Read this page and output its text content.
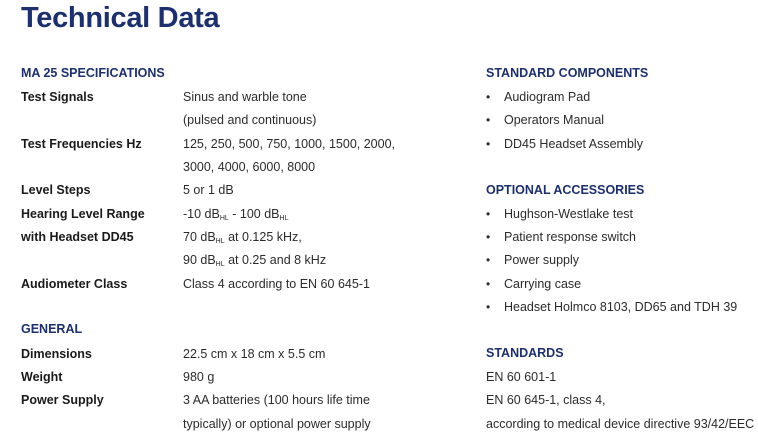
Technical Data
MA 25 SPECIFICATIONS
Test Signals	Sinus and warble tone
(pulsed and continuous)
Test Frequencies Hz	125, 250, 500, 750, 1000, 1500, 2000,
3000, 4000, 6000, 8000
Level Steps	5 or 1 dB
Hearing Level Range	-10 $dB_{HL} - 100$ $dB_{HL}$
with Headset DD45	70 $dB_{HL}$ at 0.125 kHz,
90 $dB_{HL}$ at 0.25 and 8 kHz
Audiometer Class	Class 4 according to EN 60 645-1
GENERAL
Dimensions	22.5 cm x 18 cm x 5.5 cm
Weight	980 g
Power Supply	3 AA batteries (100 hours life time
typically) or optional power supply
STANDARD COMPONENTS
• Audiogram Pad
• Operators Manual
• DD45 Headset Assembly
OPTIONAL ACCESSORIES
• Hughson-Westlake test
• Patient response switch
• Power supply
• Carrying case
• Headset Holmco 8103, DD65 and TDH 39
STANDARDS
EN 60 601-1
EN 60 645-1, class 4,
according to medical device directive 93/42/EEC
